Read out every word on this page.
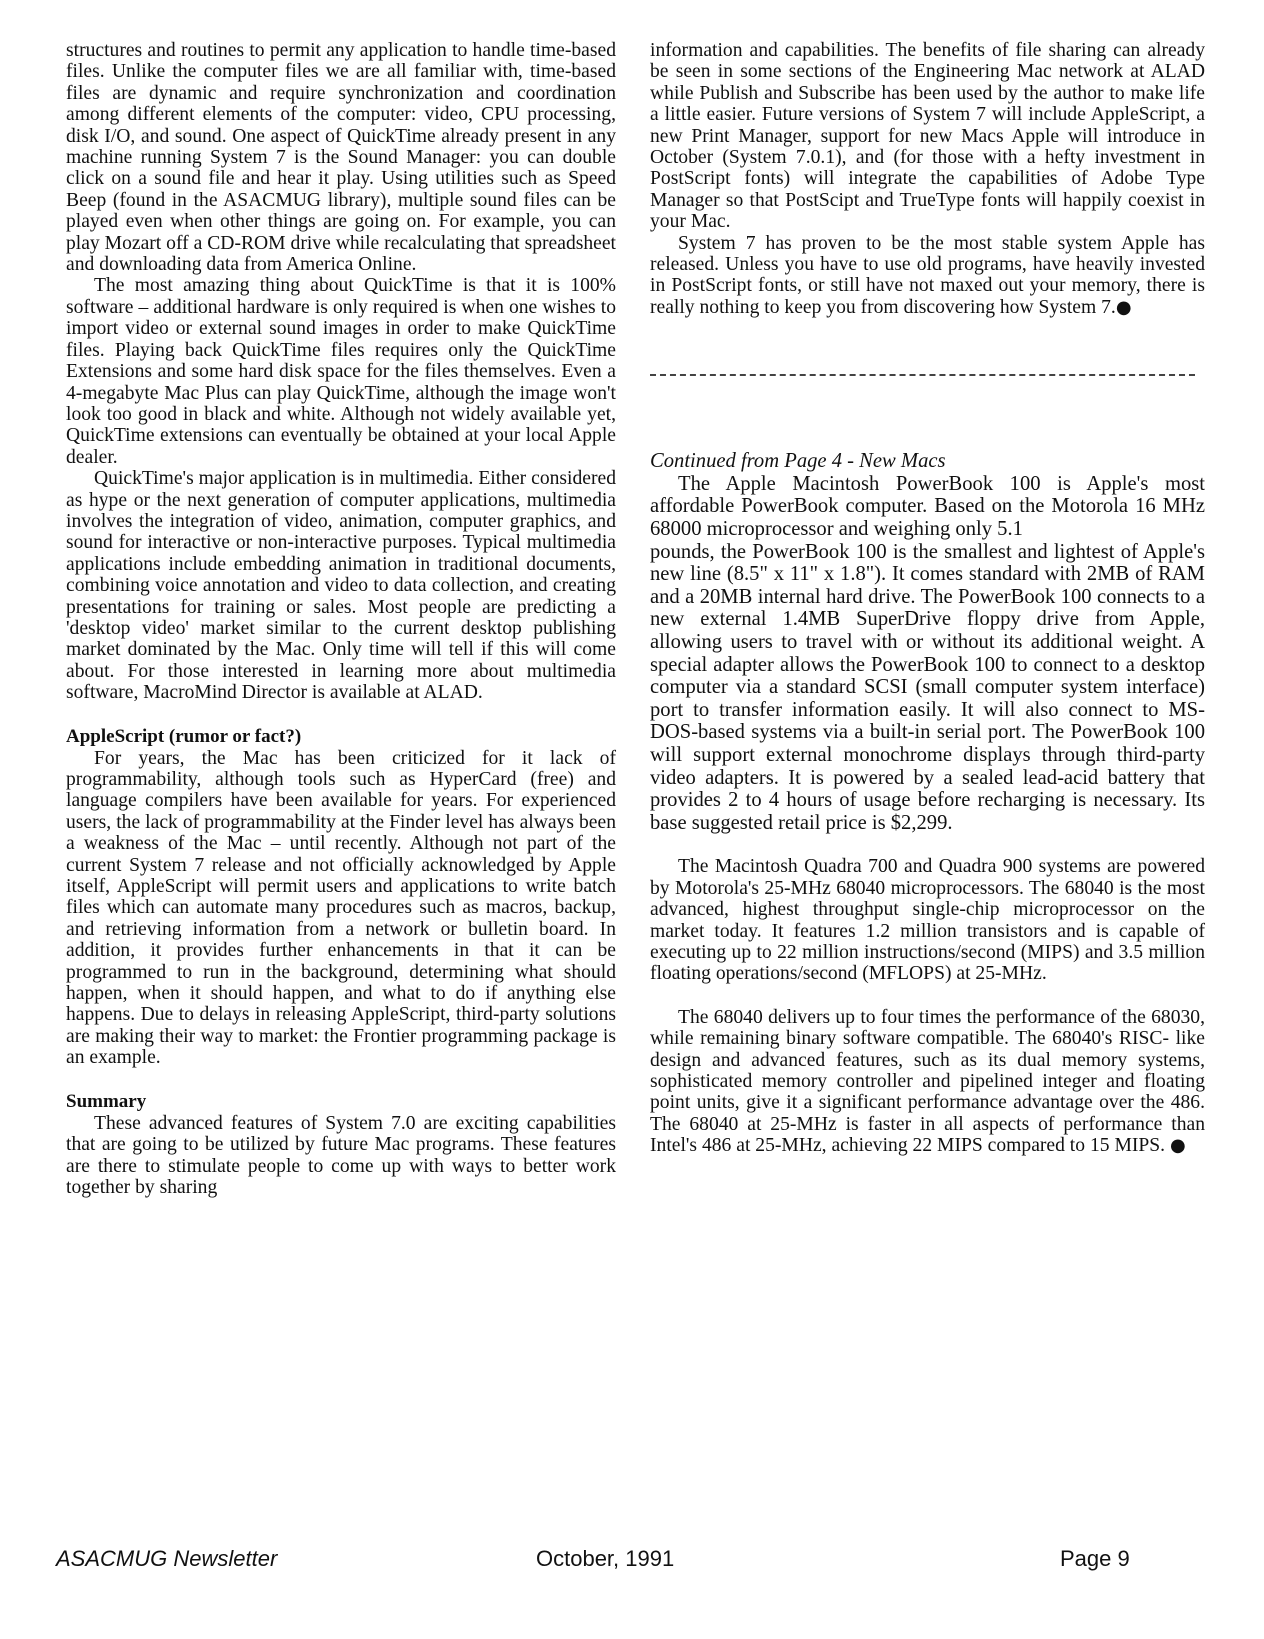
structures and routines to permit any application to handle time-based files. Unlike the computer files we are all familiar with, time-based files are dynamic and require synchronization and coordination among different elements of the computer: video, CPU processing, disk I/O, and sound. One aspect of QuickTime already present in any machine running System 7 is the Sound Manager: you can double click on a sound file and hear it play. Using utilities such as Speed Beep (found in the ASACMUG library), multiple sound files can be played even when other things are going on. For example, you can play Mozart off a CD-ROM drive while recalculating that spreadsheet and downloading data from America Online.

The most amazing thing about QuickTime is that it is 100% software – additional hardware is only required is when one wishes to import video or external sound images in order to make QuickTime files. Playing back QuickTime files requires only the QuickTime Extensions and some hard disk space for the files themselves. Even a 4-megabyte Mac Plus can play QuickTime, although the image won't look too good in black and white. Although not widely available yet, QuickTime extensions can eventually be obtained at your local Apple dealer.

QuickTime's major application is in multimedia. Either considered as hype or the next generation of computer applications, multimedia involves the integration of video, animation, computer graphics, and sound for interactive or non-interactive purposes. Typical multimedia applications include embedding animation in traditional documents, combining voice annotation and video to data collection, and creating presentations for training or sales. Most people are predicting a 'desktop video' market similar to the current desktop publishing market dominated by the Mac. Only time will tell if this will come about. For those interested in learning more about multimedia software, MacroMind Director is available at ALAD.

AppleScript (rumor or fact?)

For years, the Mac has been criticized for it lack of programmability, although tools such as HyperCard (free) and language compilers have been available for years. For experienced users, the lack of programmability at the Finder level has always been a weakness of the Mac – until recently. Although not part of the current System 7 release and not officially acknowledged by Apple itself, AppleScript will permit users and applications to write batch files which can automate many procedures such as macros, backup, and retrieving information from a network or bulletin board. In addition, it provides further enhancements in that it can be programmed to run in the background, determining what should happen, when it should happen, and what to do if anything else happens. Due to delays in releasing AppleScript, third-party solutions are making their way to market: the Frontier programming package is an example.

Summary

These advanced features of System 7.0 are exciting capabilities that are going to be utilized by future Mac programs. These features are there to stimulate people to come up with ways to better work together by sharing

information and capabilities. The benefits of file sharing can already be seen in some sections of the Engineering Mac network at ALAD while Publish and Subscribe has been used by the author to make life a little easier. Future versions of System 7 will include AppleScript, a new Print Manager, support for new Macs Apple will introduce in October (System 7.0.1), and (for those with a hefty investment in PostScript fonts) will integrate the capabilities of Adobe Type Manager so that PostScipt and TrueType fonts will happily coexist in your Mac.

System 7 has proven to be the most stable system Apple has released. Unless you have to use old programs, have heavily invested in PostScript fonts, or still have not maxed out your memory, there is really nothing to keep you from discovering how System 7.●

Continued from Page 4 - New Macs

The Apple Macintosh PowerBook 100 is Apple's most affordable PowerBook computer. Based on the Motorola 16 MHz 68000 microprocessor and weighing only 5.1

pounds, the PowerBook 100 is the smallest and lightest of Apple's new line (8.5" x 11" x 1.8"). It comes standard with 2MB of RAM and a 20MB internal hard drive. The PowerBook 100 connects to a new external 1.4MB SuperDrive floppy drive from Apple, allowing users to travel with or without its additional weight. A special adapter allows the PowerBook 100 to connect to a desktop computer via a standard SCSI (small computer system interface) port to transfer information easily. It will also connect to MS- DOS-based systems via a built-in serial port. The PowerBook 100 will support external monochrome displays through third-party video adapters. It is powered by a sealed lead-acid battery that provides 2 to 4 hours of usage before recharging is necessary. Its base suggested retail price is $2,299.

The Macintosh Quadra 700 and Quadra 900 systems are powered by Motorola's 25-MHz 68040 microprocessors. The 68040 is the most advanced, highest throughput single-chip microprocessor on the market today. It features 1.2 million transistors and is capable of executing up to 22 million instructions/second (MIPS) and 3.5 million floating operations/second (MFLOPS) at 25-MHz.

The 68040 delivers up to four times the performance of the 68030, while remaining binary software compatible. The 68040's RISC- like design and advanced features, such as its dual memory systems, sophisticated memory controller and pipelined integer and floating point units, give it a significant performance advantage over the 486. The 68040 at 25-MHz is faster in all aspects of performance than Intel's 486 at 25-MHz, achieving 22 MIPS compared to 15 MIPS. ●

ASACMUG Newsletter	October, 1991	Page 9
